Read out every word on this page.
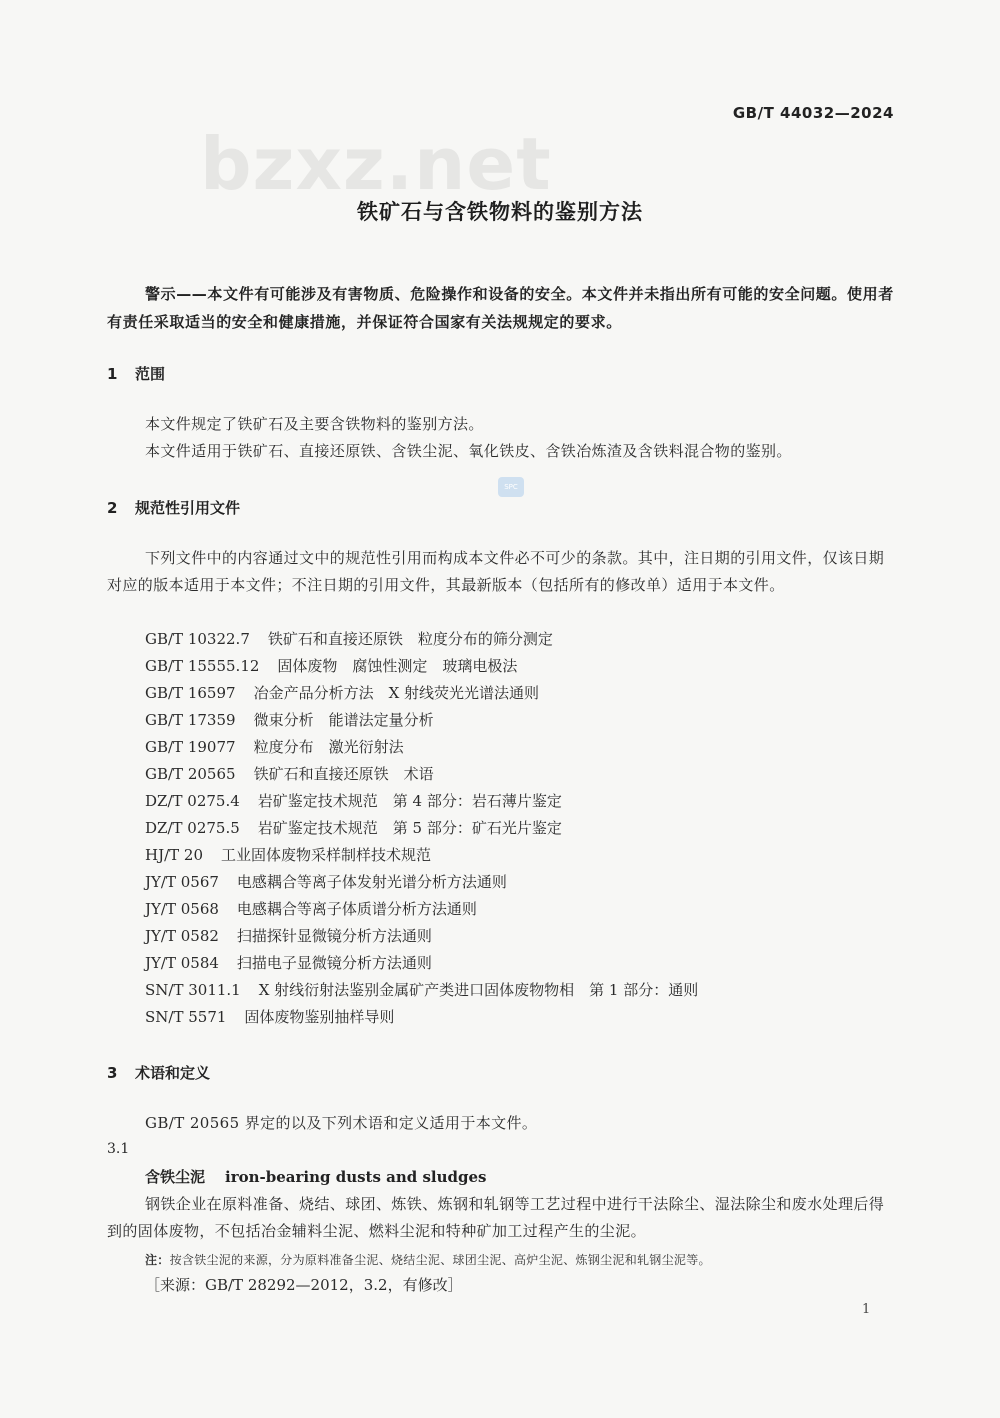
bzxz.net
GB/T 44032—2024
铁矿石与含铁物料的鉴别方法
警示——本文件有可能涉及有害物质、危险操作和设备的安全。本文件并未指出所有可能的安全问题。使用者有责任采取适当的安全和健康措施，并保证符合国家有关法规规定的要求。
1 范围
本文件规定了铁矿石及主要含铁物料的鉴别方法。
本文件适用于铁矿石、直接还原铁、含铁尘泥、氧化铁皮、含铁冶炼渣及含铁料混合物的鉴别。
SPC
2 规范性引用文件
下列文件中的内容通过文中的规范性引用而构成本文件必不可少的条款。其中，注日期的引用文件，仅该日期对应的版本适用于本文件；不注日期的引用文件，其最新版本（包括所有的修改单）适用于本文件。
GB/T 10322.7 铁矿石和直接还原铁　粒度分布的筛分测定
GB/T 15555.12 固体废物　腐蚀性测定　玻璃电极法
GB/T 16597 冶金产品分析方法　X 射线荧光光谱法通则
GB/T 17359 微束分析　能谱法定量分析
GB/T 19077 粒度分布　激光衍射法
GB/T 20565 铁矿石和直接还原铁　术语
DZ/T 0275.4 岩矿鉴定技术规范　第 4 部分：岩石薄片鉴定
DZ/T 0275.5 岩矿鉴定技术规范　第 5 部分：矿石光片鉴定
HJ/T 20 工业固体废物采样制样技术规范
JY/T 0567 电感耦合等离子体发射光谱分析方法通则
JY/T 0568 电感耦合等离子体质谱分析方法通则
JY/T 0582 扫描探针显微镜分析方法通则
JY/T 0584 扫描电子显微镜分析方法通则
SN/T 3011.1 X 射线衍射法鉴别金属矿产类进口固体废物物相　第 1 部分：通则
SN/T 5571 固体废物鉴别抽样导则
3 术语和定义
GB/T 20565 界定的以及下列术语和定义适用于本文件。
3.1
含铁尘泥 iron-bearing dusts and sludges
钢铁企业在原料准备、烧结、球团、炼铁、炼钢和轧钢等工艺过程中进行干法除尘、湿法除尘和废水处理后得到的固体废物，不包括冶金辅料尘泥、燃料尘泥和特种矿加工过程产生的尘泥。
注：按含铁尘泥的来源，分为原料准备尘泥、烧结尘泥、球团尘泥、高炉尘泥、炼钢尘泥和轧钢尘泥等。
［来源：GB/T 28292—2012，3.2，有修改］
1
